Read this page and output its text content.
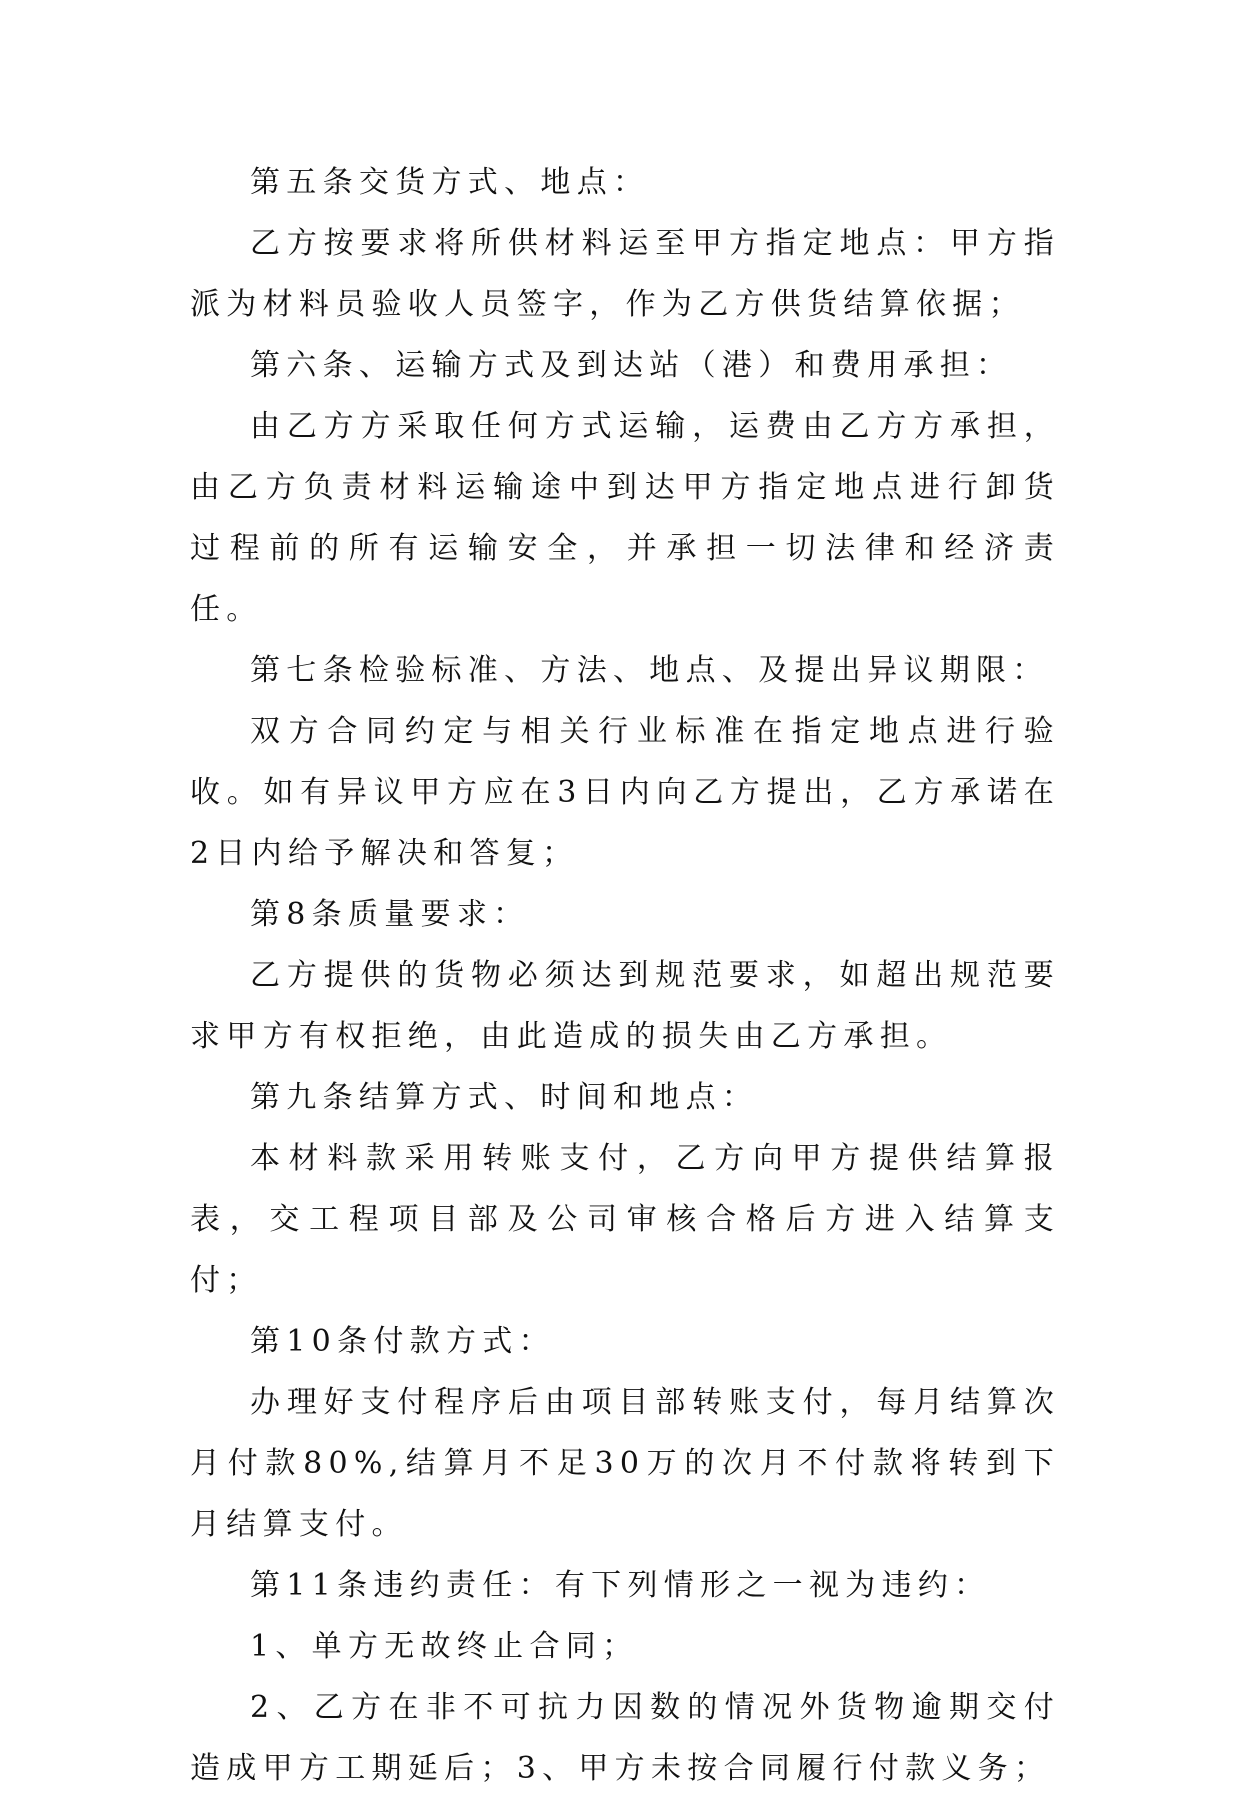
第五条交货方式、地点：

乙方按要求将所供材料运至甲方指定地点：甲方指派为材料员验收人员签字，作为乙方供货结算依据；

第六条、运输方式及到达站（港）和费用承担：

由乙方方采取任何方式运输，运费由乙方方承担，由乙方负责材料运输途中到达甲方指定地点进行卸货过程前的所有运输安全，并承担一切法律和经济责任。

第七条检验标准、方法、地点、及提出异议期限：

双方合同约定与相关行业标准在指定地点进行验收。如有异议甲方应在3日内向乙方提出，乙方承诺在2日内给予解决和答复；

第8条质量要求：

乙方提供的货物必须达到规范要求，如超出规范要求甲方有权拒绝，由此造成的损失由乙方承担。

第九条结算方式、时间和地点：

本材料款采用转账支付，乙方向甲方提供结算报表，交工程项目部及公司审核合格后方进入结算支付；

第10条付款方式：

办理好支付程序后由项目部转账支付，每月结算次月付款80%,结算月不足30万的次月不付款将转到下月结算支付。

第11条违约责任：有下列情形之一视为违约：

1、单方无故终止合同；

2、乙方在非不可抗力因数的情况外货物逾期交付造成甲方工期延后；3、甲方未按合同履行付款义务；
